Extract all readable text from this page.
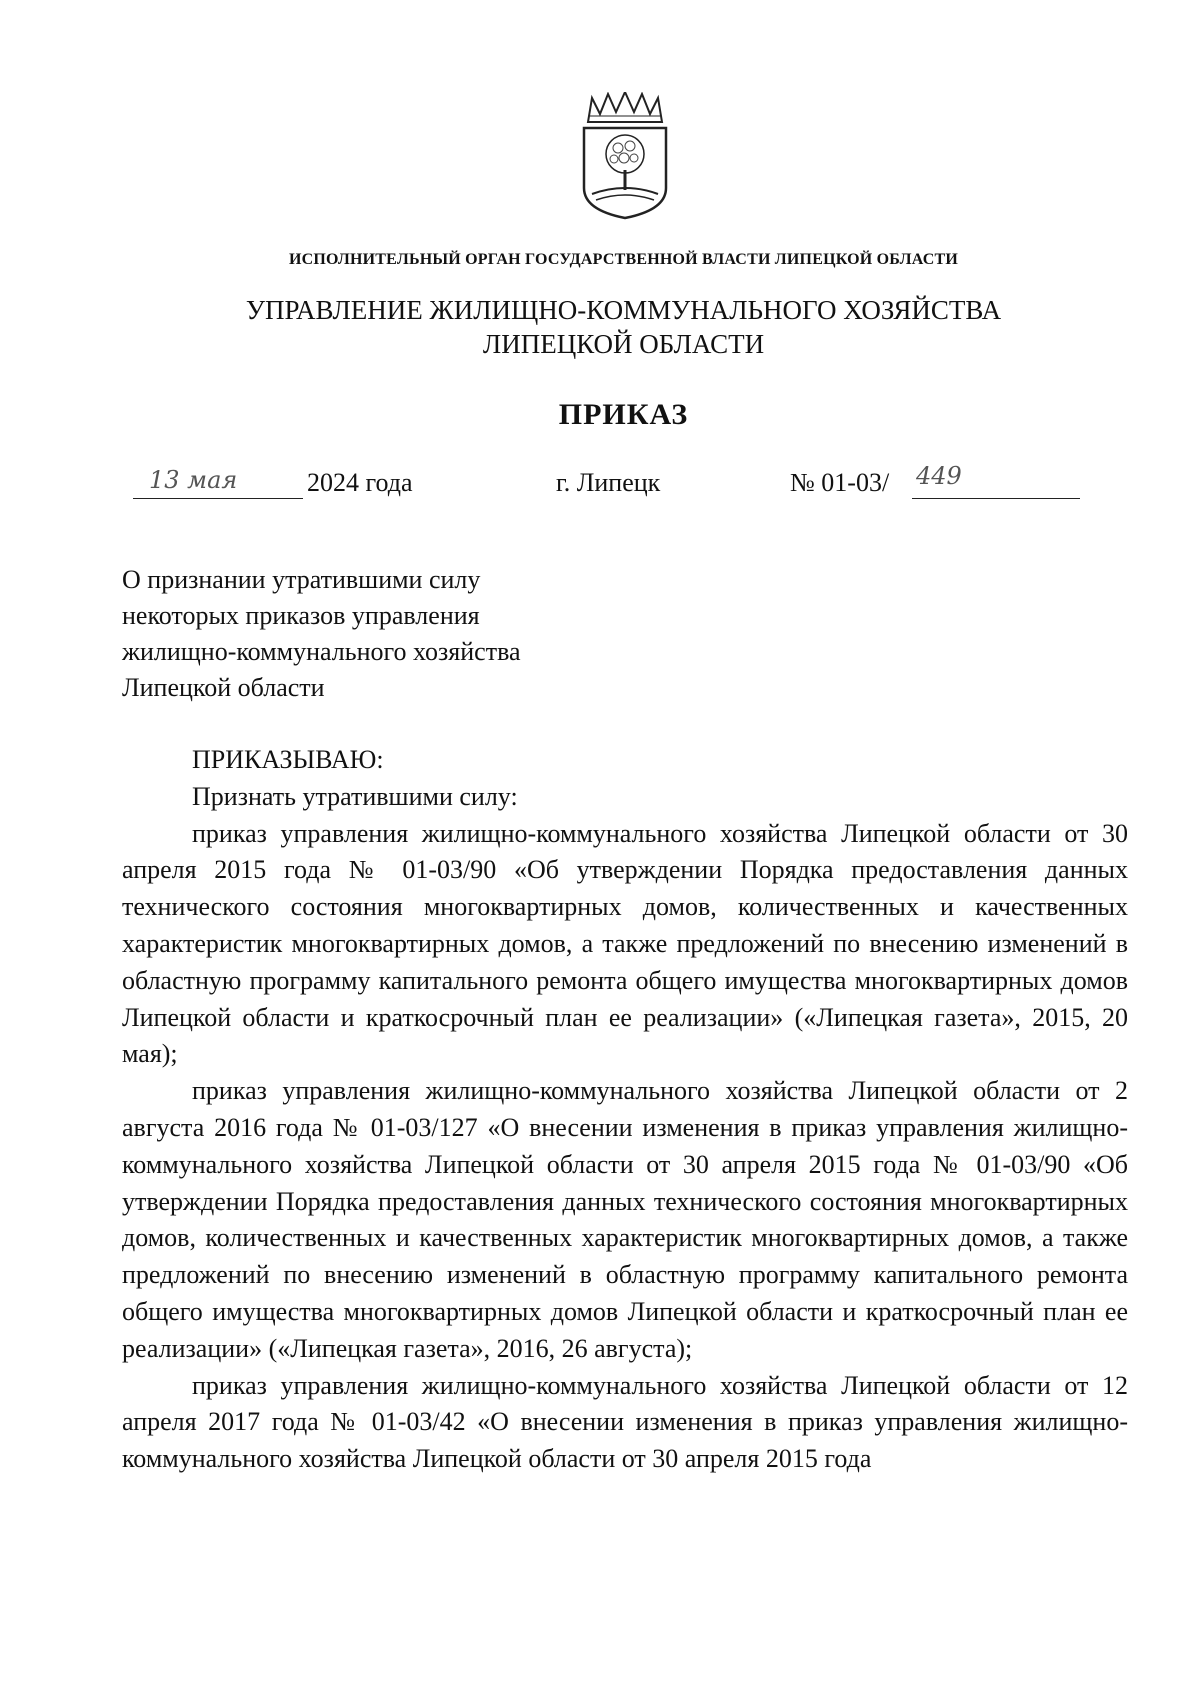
ИСПОЛНИТЕЛЬНЫЙ ОРГАН ГОСУДАРСТВЕННОЙ ВЛАСТИ ЛИПЕЦКОЙ ОБЛАСТИ
УПРАВЛЕНИЕ ЖИЛИЩНО-КОММУНАЛЬНОГО ХОЗЯЙСТВА
ЛИПЕЦКОЙ ОБЛАСТИ
ПРИКАЗ
13 мая	2024 года	г. Липецк	№ 01-03/ 449
О признании утратившими силу
некоторых приказов управления
жилищно-коммунального хозяйства
Липецкой области

ПРИКАЗЫВАЮ:

Признать утратившими силу:

приказ управления жилищно-коммунального хозяйства Липецкой области от 30 апреля 2015 года № 01-03/90 «Об утверждении Порядка предоставления данных технического состояния многоквартирных домов, количественных и качественных характеристик многоквартирных домов, а также предложений по внесению изменений в областную программу капитального ремонта общего имущества многоквартирных домов Липецкой области и краткосрочный план ее реализации» («Липецкая газета», 2015, 20 мая);

приказ управления жилищно-коммунального хозяйства Липецкой области от 2 августа 2016 года № 01-03/127 «О внесении изменения в приказ управления жилищно-коммунального хозяйства Липецкой области от 30 апреля 2015 года № 01-03/90 «Об утверждении Порядка предоставления данных технического состояния многоквартирных домов, количественных и качественных характеристик многоквартирных домов, а также предложений по внесению изменений в областную программу капитального ремонта общего имущества многоквартирных домов Липецкой области и краткосрочный план ее реализации» («Липецкая газета», 2016, 26 августа);

приказ управления жилищно-коммунального хозяйства Липецкой области от 12 апреля 2017 года № 01-03/42 «О внесении изменения в приказ управления жилищно-коммунального хозяйства Липецкой области от 30 апреля 2015 года
